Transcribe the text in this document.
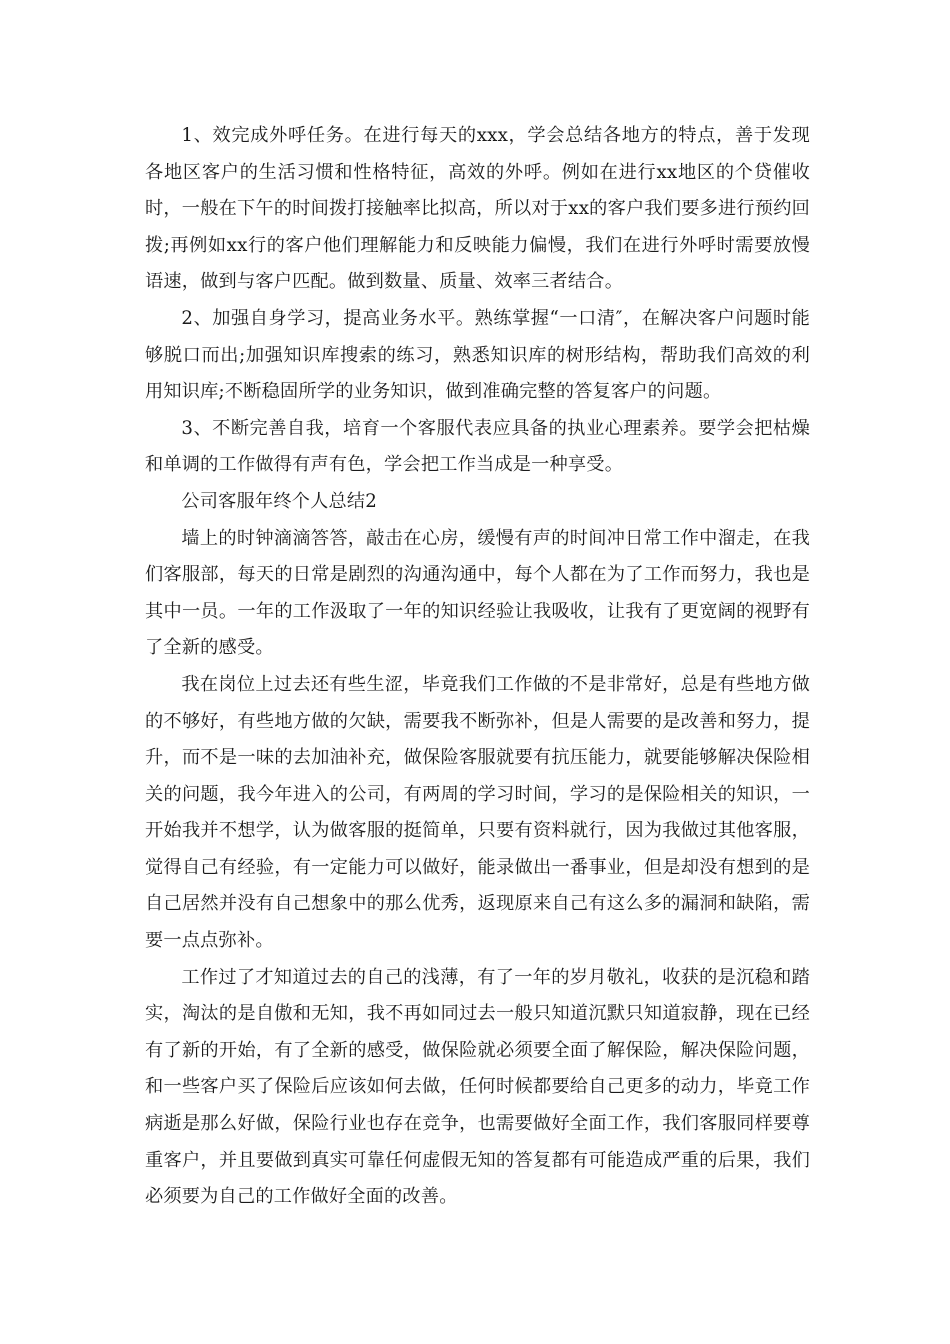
1、效完成外呼任务。在进行每天的xxx，学会总结各地方的特点，善于发现各地区客户的生活习惯和性格特征，高效的外呼。例如在进行xx地区的个贷催收时，一般在下午的时间拨打接触率比拟高，所以对于xx的客户我们要多进行预约回拨;再例如xx行的客户他们理解能力和反映能力偏慢，我们在进行外呼时需要放慢语速，做到与客户匹配。做到数量、质量、效率三者结合。

2、加强自身学习，提高业务水平。熟练掌握“一口清″，在解决客户问题时能够脱口而出;加强知识库搜索的练习，熟悉知识库的树形结构，帮助我们高效的利用知识库;不断稳固所学的业务知识，做到准确完整的答复客户的问题。

3、不断完善自我，培育一个客服代表应具备的执业心理素养。要学会把枯燥和单调的工作做得有声有色，学会把工作当成是一种享受。

公司客服年终个人总结2

墙上的时钟滴滴答答，敲击在心房，缓慢有声的时间冲日常工作中溜走，在我们客服部，每天的日常是剧烈的沟通沟通中，每个人都在为了工作而努力，我也是其中一员。一年的工作汲取了一年的知识经验让我吸收，让我有了更宽阔的视野有了全新的感受。

我在岗位上过去还有些生涩，毕竟我们工作做的不是非常好，总是有些地方做的不够好，有些地方做的欠缺，需要我不断弥补，但是人需要的是改善和努力，提升，而不是一味的去加油补充，做保险客服就要有抗压能力，就要能够解决保险相关的问题，我今年进入的公司，有两周的学习时间，学习的是保险相关的知识，一开始我并不想学，认为做客服的挺简单，只要有资料就行，因为我做过其他客服，觉得自己有经验，有一定能力可以做好，能录做出一番事业，但是却没有想到的是自己居然并没有自己想象中的那么优秀，返现原来自己有这么多的漏洞和缺陷，需要一点点弥补。

工作过了才知道过去的自己的浅薄，有了一年的岁月敬礼，收获的是沉稳和踏实，淘汰的是自傲和无知，我不再如同过去一般只知道沉默只知道寂静，现在已经有了新的开始，有了全新的感受，做保险就必须要全面了解保险，解决保险问题，和一些客户买了保险后应该如何去做，任何时候都要给自己更多的动力，毕竟工作病逝是那么好做，保险行业也存在竞争，也需要做好全面工作，我们客服同样要尊重客户，并且要做到真实可靠任何虚假无知的答复都有可能造成严重的后果，我们必须要为自己的工作做好全面的改善。
